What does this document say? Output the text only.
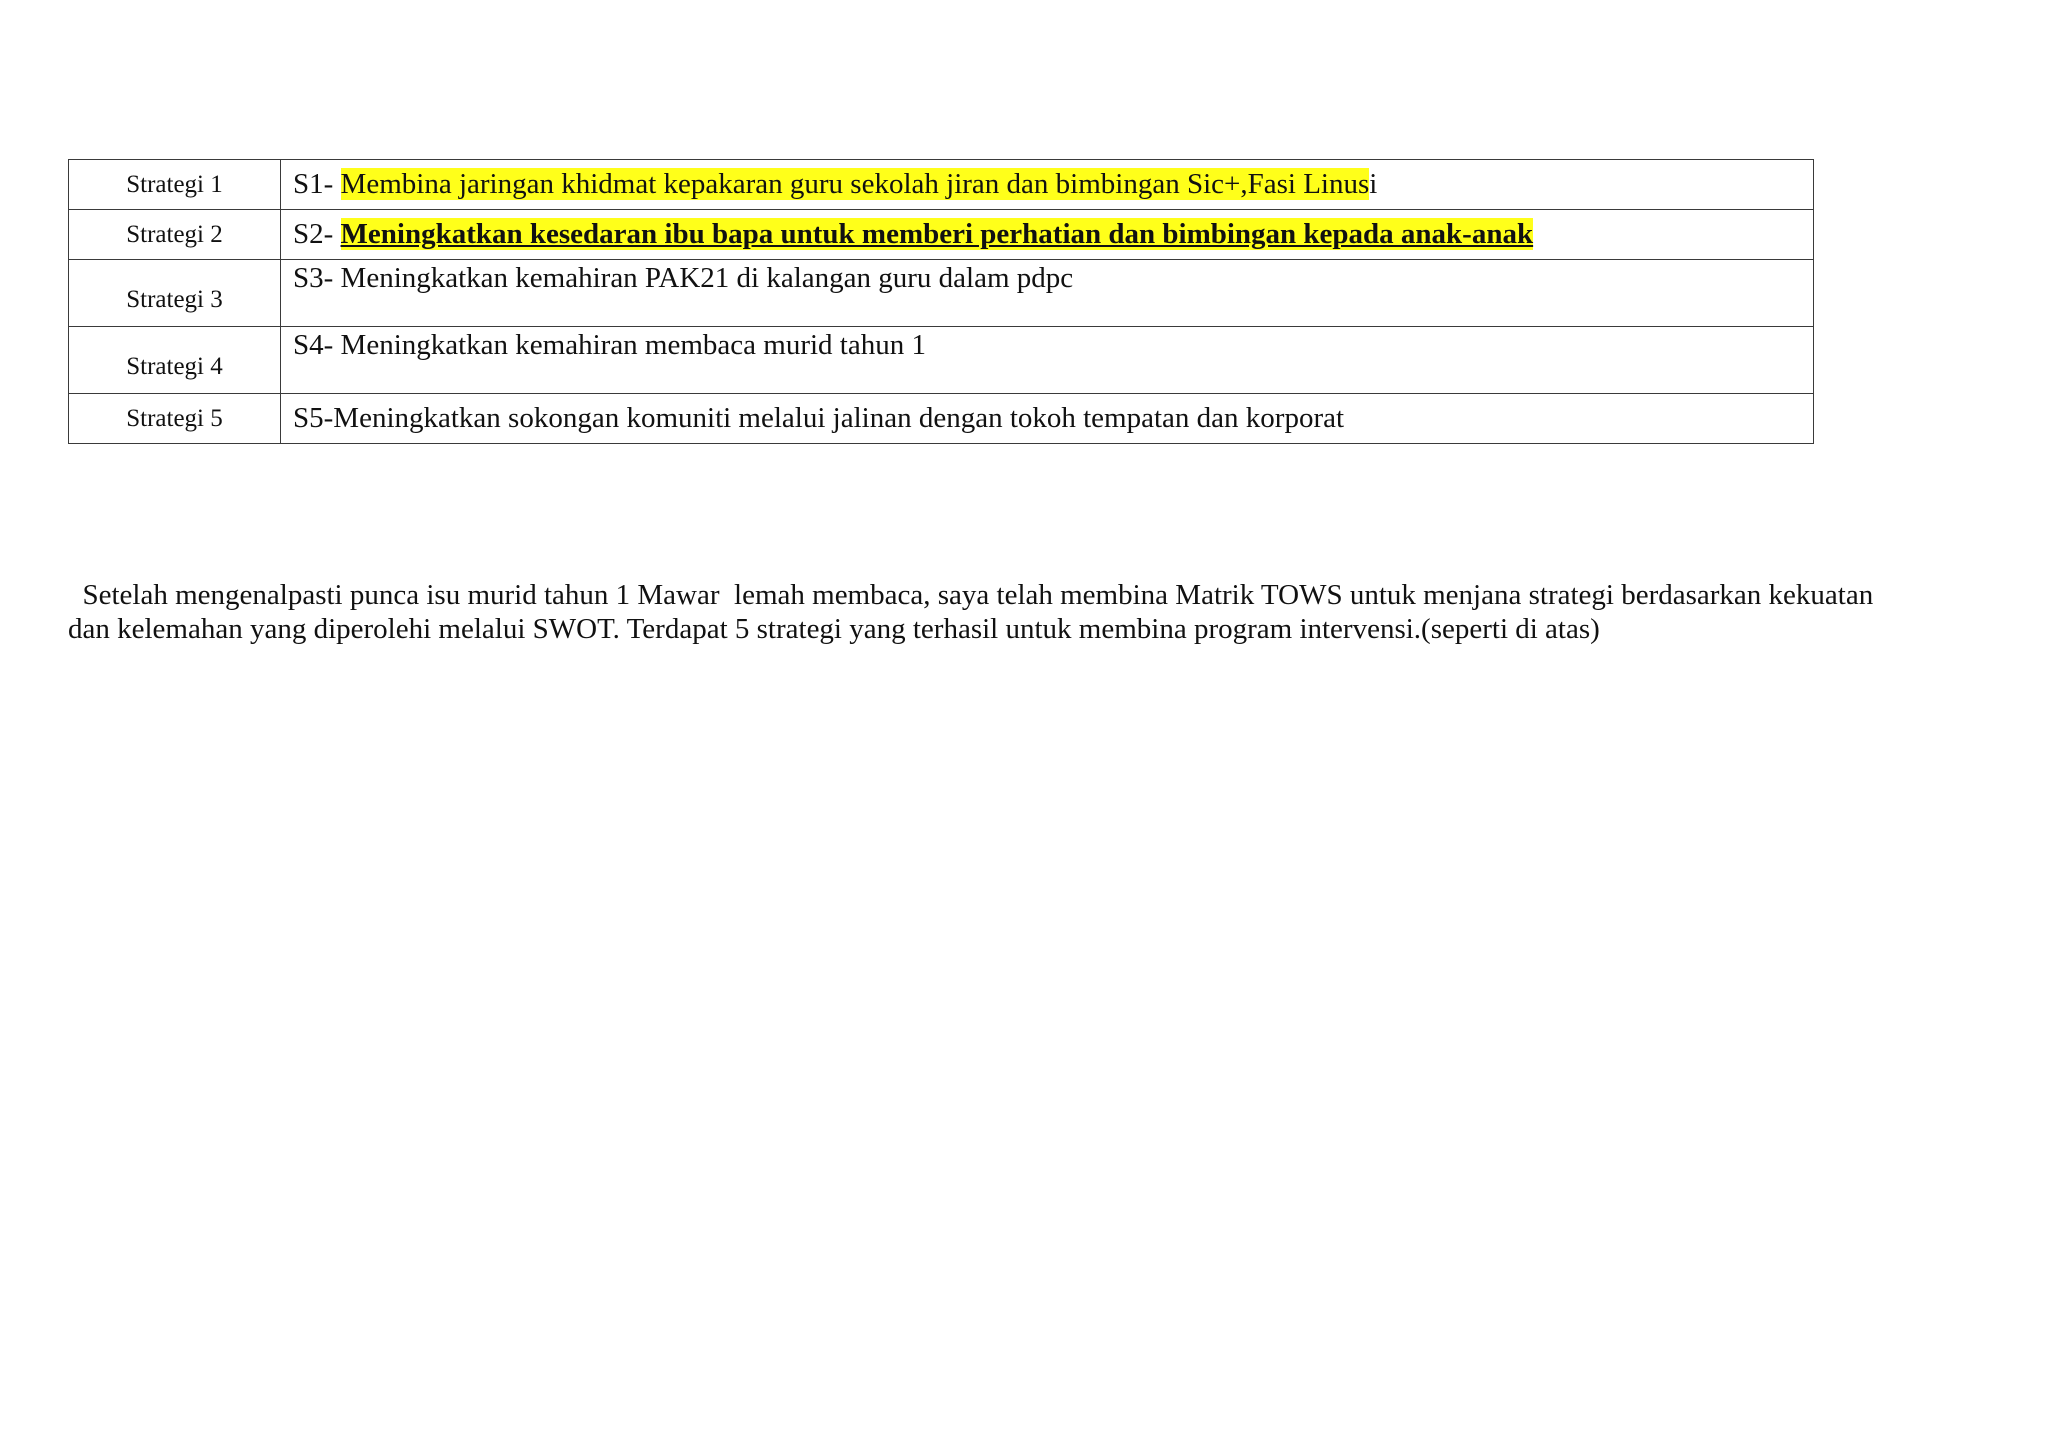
Strategi 1	S1- Membina jaringan khidmat kepakaran guru sekolah jiran dan bimbingan Sic+,Fasi Linusi
Strategi 2	S2- Meningkatkan kesedaran ibu bapa untuk memberi perhatian dan bimbingan kepada anak-anak
Strategi 3	S3- Meningkatkan kemahiran PAK21 di kalangan guru dalam pdpc
Strategi 4	S4- Meningkatkan kemahiran membaca murid tahun 1
Strategi 5	S5-Meningkatkan sokongan komuniti melalui jalinan dengan tokoh tempatan dan korporat

Setelah mengenalpasti punca isu murid tahun 1 Mawar  lemah membaca, saya telah membina Matrik TOWS untuk menjana strategi berdasarkan kekuatan
dan kelemahan yang diperolehi melalui SWOT. Terdapat 5 strategi yang terhasil untuk membina program intervensi.(seperti di atas)
